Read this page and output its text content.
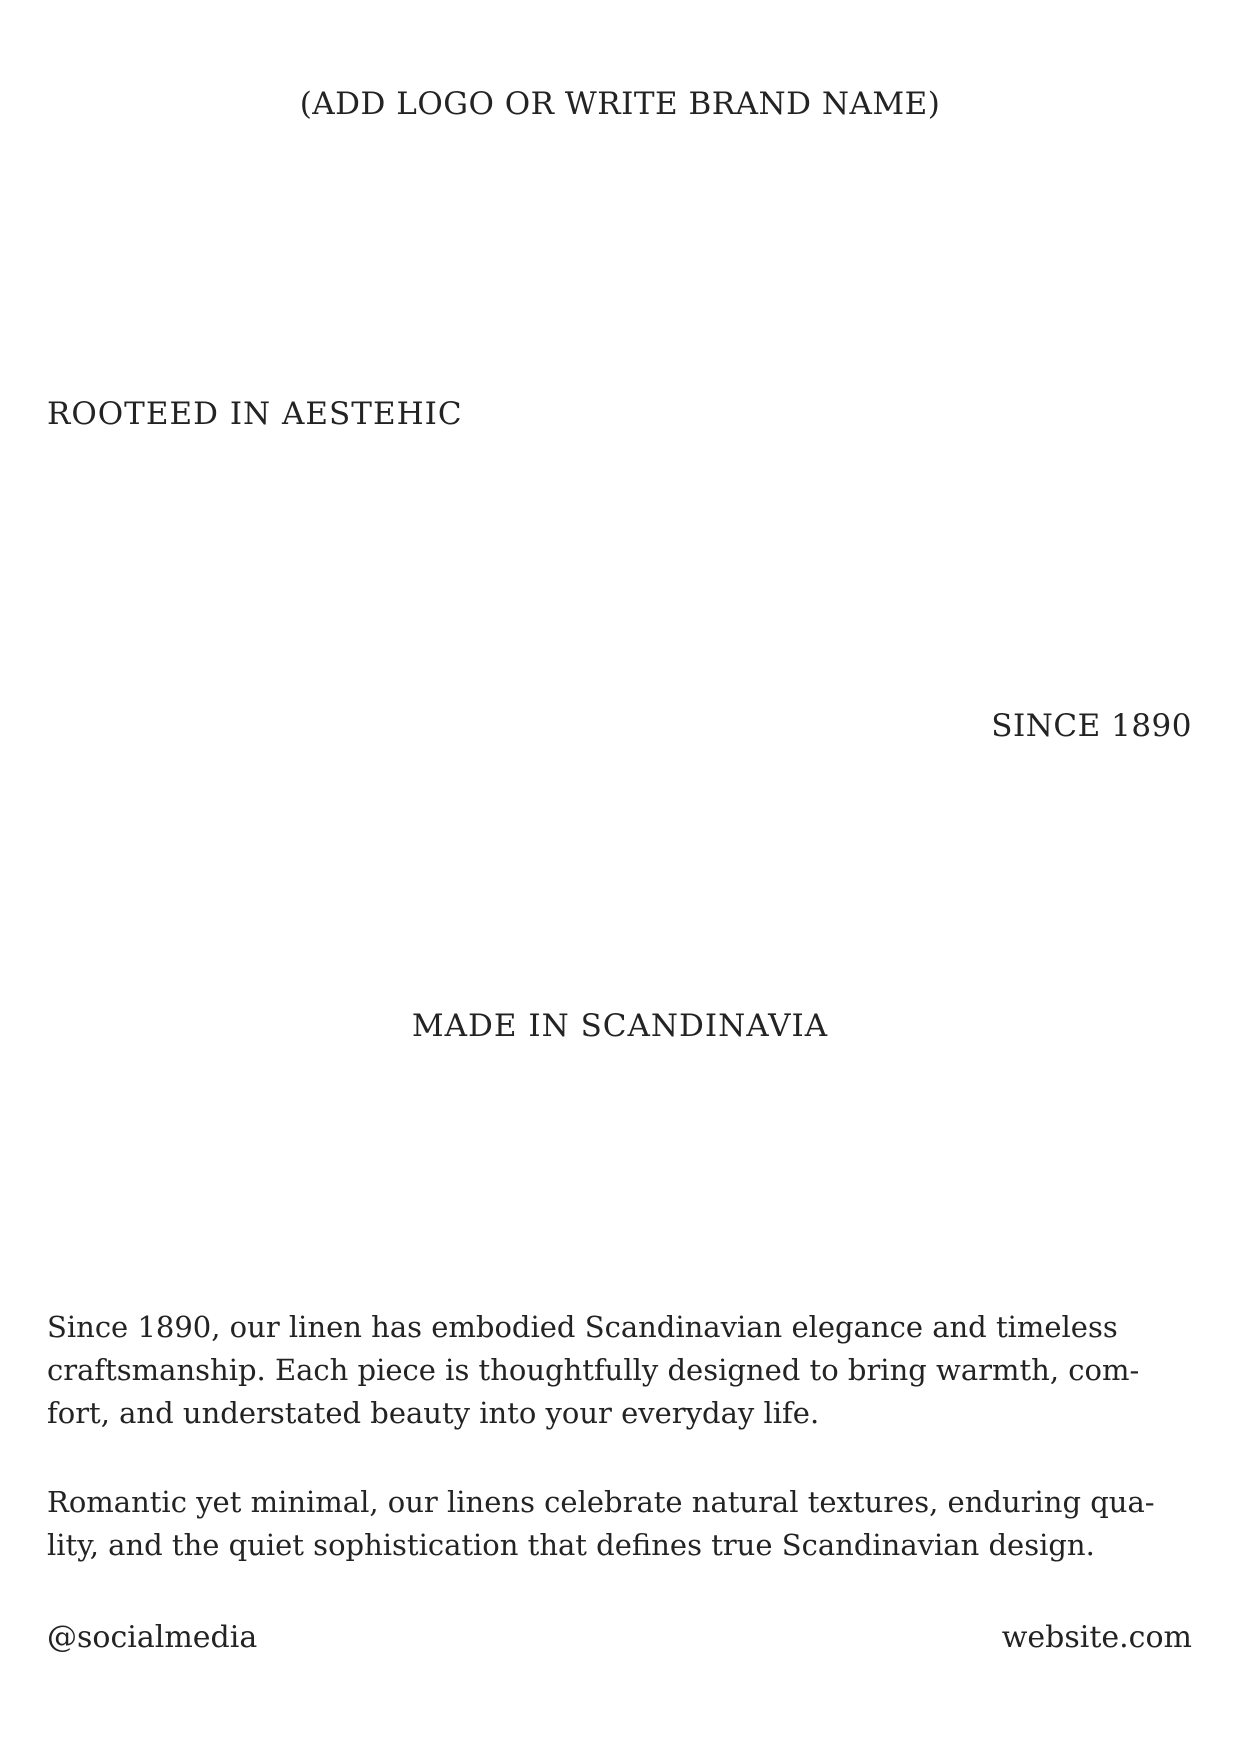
(ADD LOGO OR WRITE BRAND NAME)
ROOTEED IN AESTEHIC
SINCE 1890
MADE IN SCANDINAVIA
Since 1890, our linen has embodied Scandinavian elegance and timeless
craftsmanship. Each piece is thoughtfully designed to bring warmth, com-
fort, and understated beauty into your everyday life.
Romantic yet minimal, our linens celebrate natural textures, enduring qua-
lity, and the quiet sophistication that defines true Scandinavian design.
@socialmedia	website.com
